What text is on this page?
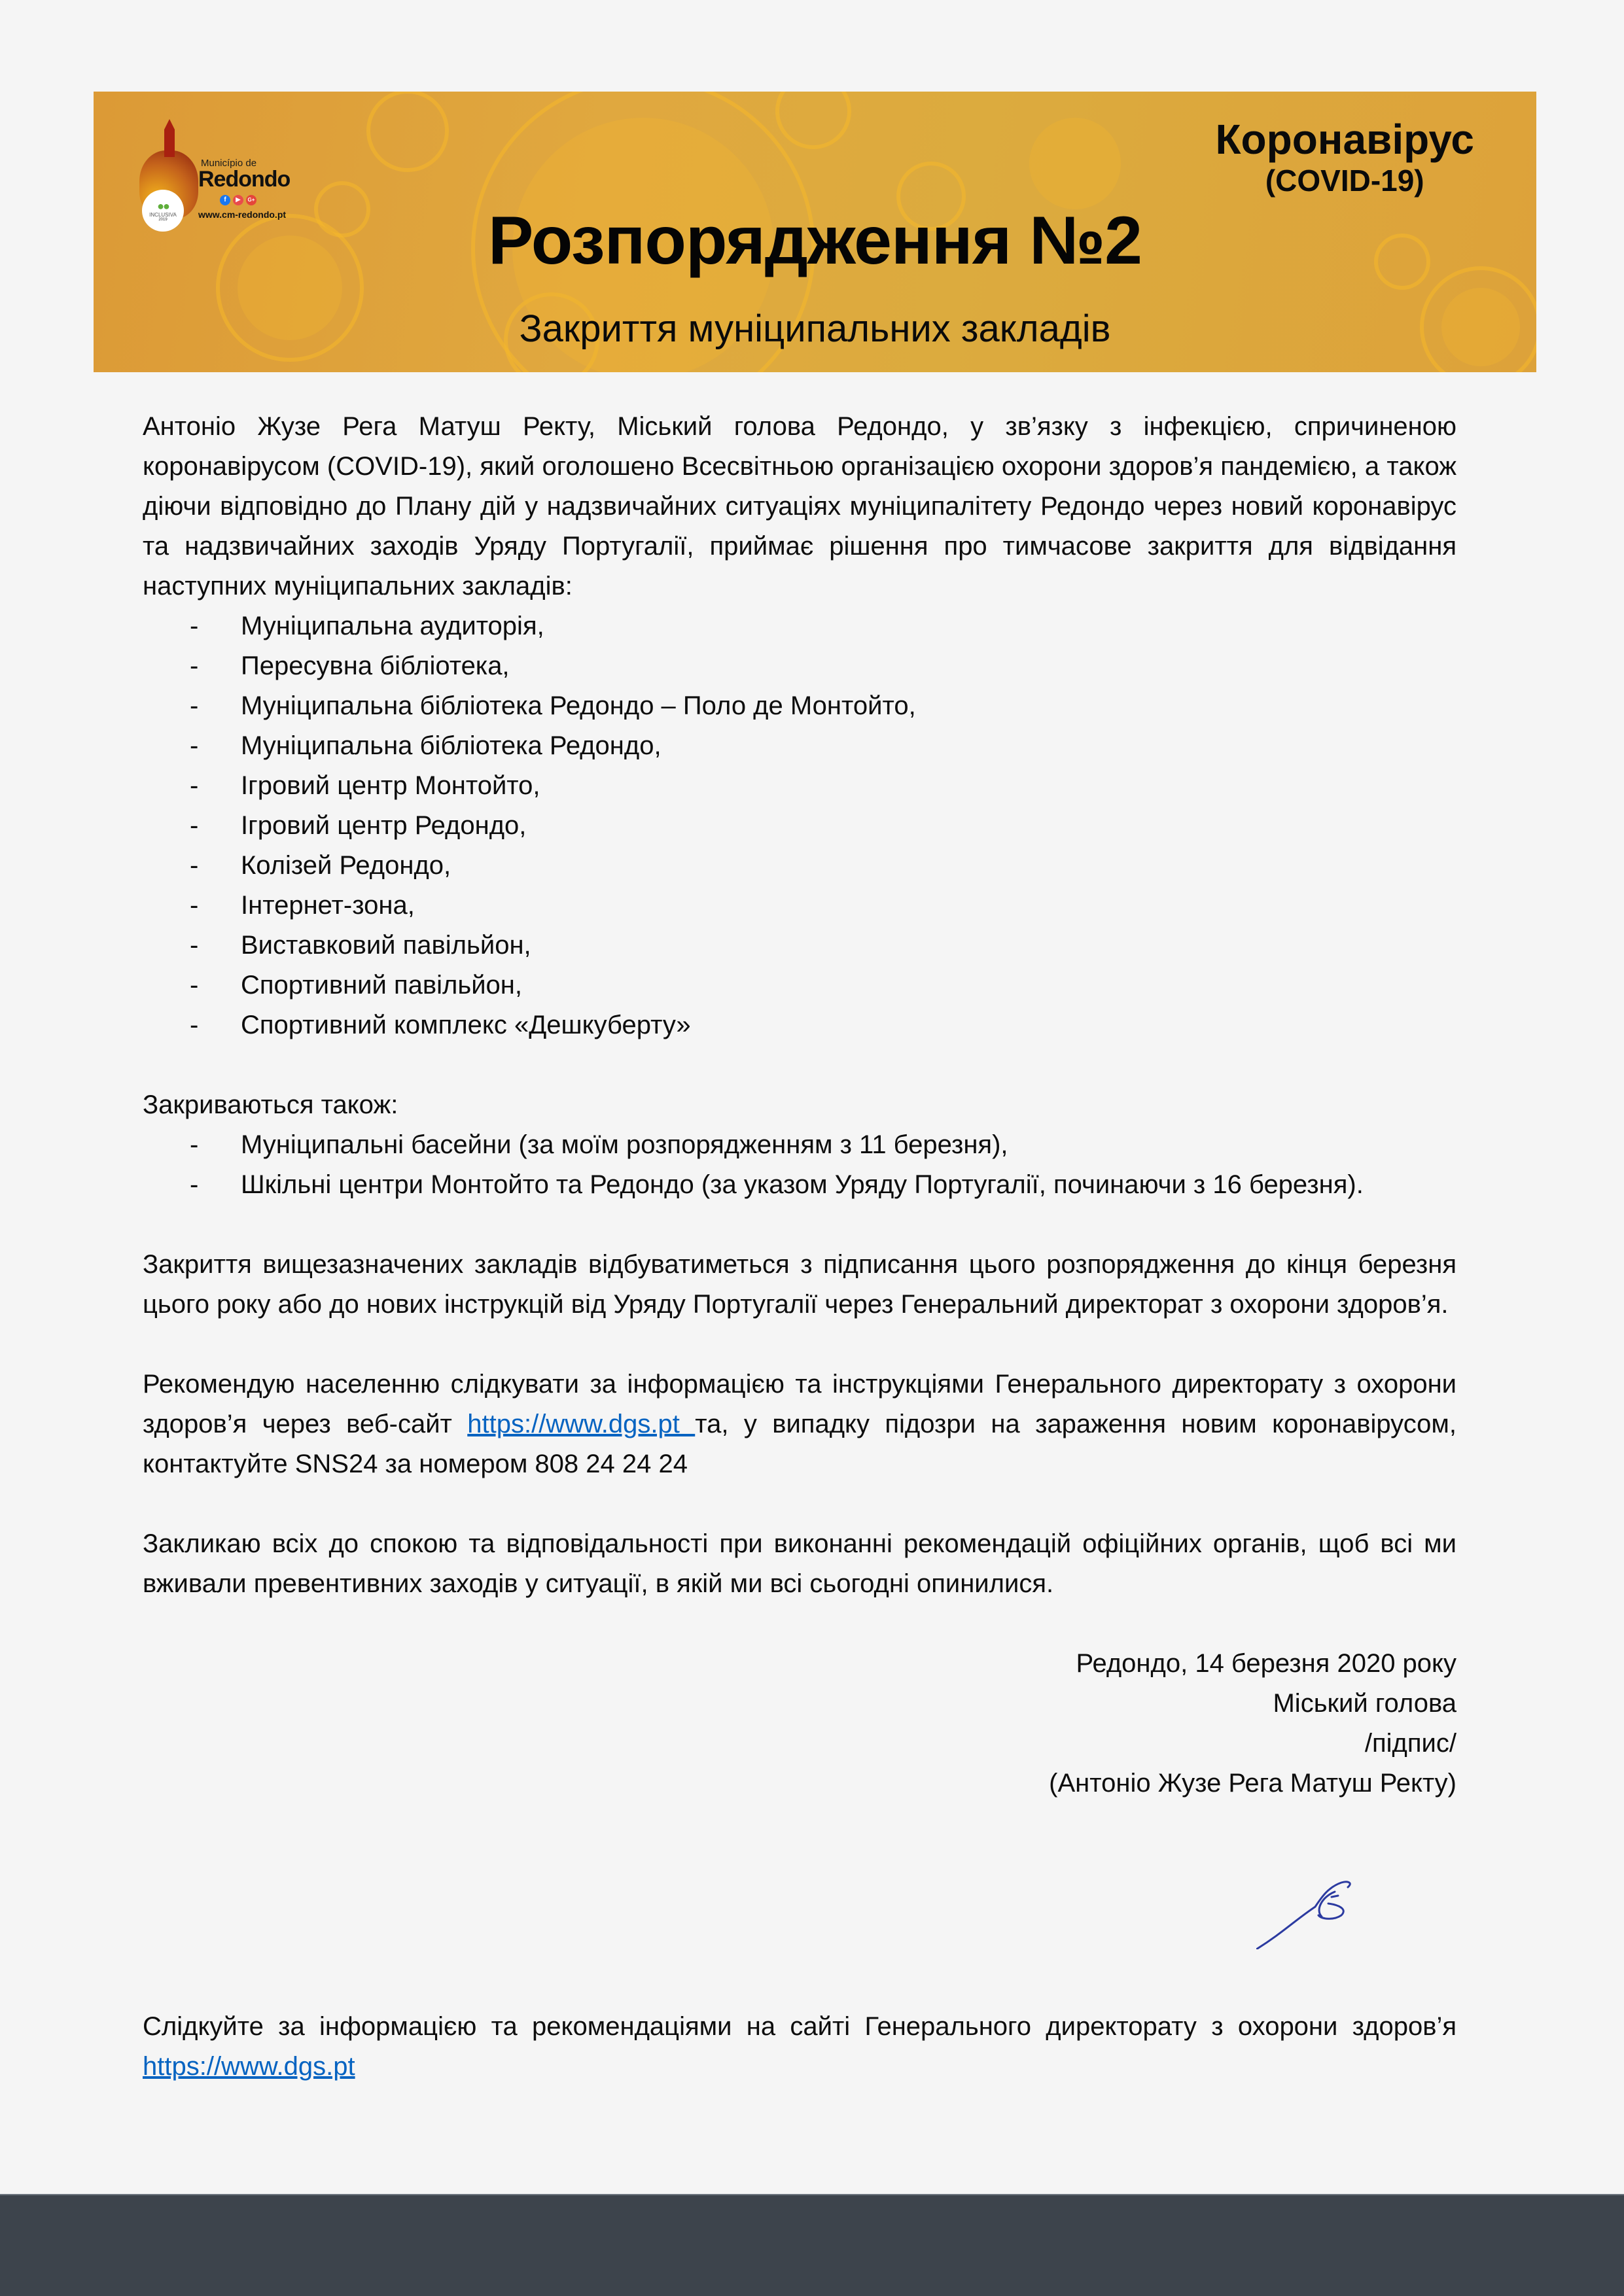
●●
INCLUSIVA
2019
Município de
Redondo
f	▶	G+
www.cm-redondo.pt
Коронавірус
(COVID-19)
Розпорядження №2
Закриття муніципальних закладів

Антоніо Жузе Рега Матуш Ректу, Міський голова Редондо, у зв’язку з інфекцією, спричиненою коронавірусом (COVID-19), який оголошено Всесвітньою організацією охорони здоров’я пандемією, а також діючи відповідно до Плану дій у надзвичайних ситуаціях муніципалітету Редондо через новий коронавірус та надзвичайних заходів Уряду Португалії, приймає рішення про тимчасове закриття для відвідання наступних муніципальних закладів:

- Муніципальна аудиторія,
- Пересувна бібліотека,
- Муніципальна бібліотека Редондо – Поло де Монтойто,
- Муніципальна бібліотека Редондо,
- Ігровий центр Монтойто,
- Ігровий центр Редондо,
- Колізей Редондо,
- Інтернет-зона,
- Виставковий павільйон,
- Спортивний павільйон,
- Спортивний комплекс «Дешкуберту»

Закриваються також:

- Муніципальні басейни (за моїм розпорядженням з 11 березня),
- Шкільні центри Монтойто та Редондо (за указом Уряду Португалії, починаючи з 16 березня).

Закриття вищезазначених закладів відбуватиметься з підписання цього розпорядження до кінця березня цього року або до нових інструкцій від Уряду Португалії через Генеральний директорат з охорони здоров’я.

Рекомендую населенню слідкувати за інформацією та інструкціями Генерального директорату з охорони здоров’я через веб-сайт https://www.dgs.pt та, у випадку підозри на зараження новим коронавірусом, контактуйте SNS24 за номером 808 24 24 24

Закликаю всіх до спокою та відповідальності при виконанні рекомендацій офіційних органів, щоб всі ми вживали превентивних заходів у ситуації, в якій ми всі сьогодні опинилися.

Редондо, 14 березня 2020 року
Міський голова
/підпис/
(Антоніо Жузе Рега Матуш Ректу)
Слідкуйте за інформацією та рекомендаціями на сайті Генерального директорату з охорони здоров’я https://www.dgs.pt
